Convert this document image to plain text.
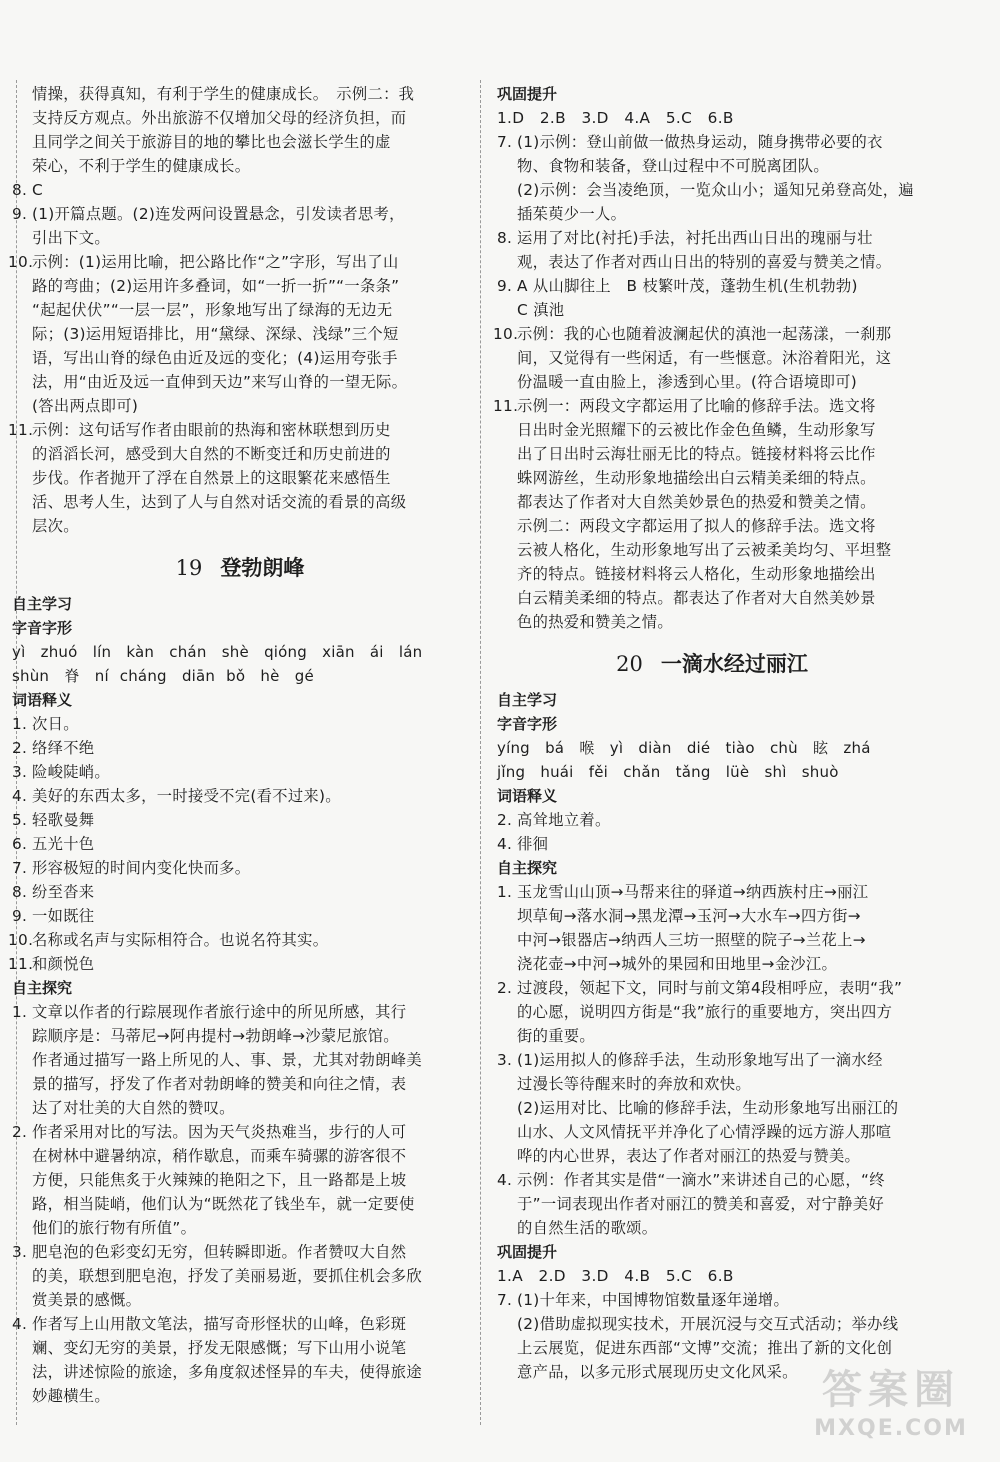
情操，获得真知，有利于学生的健康成长。　示例二：我
支持反方观点。外出旅游不仅增加父母的经济负担，而
且同学之间关于旅游目的地的攀比也会滋长学生的虚
荣心，不利于学生的健康成长。
8. C

9. (1)开篇点题。(2)连发两问设置悬念，引发读者思考，

引出下文。

10.

示例：(1)运用比喻，把公路比作“之”字形，写出了山

路的弯曲；(2)运用许多叠词，如“一折一折”“一条条”

“起起伏伏”“一层一层”，形象地写出了绿海的无边无

际；(3)运用短语排比，用“黛绿、深绿、浅绿”三个短

语，写出山脊的绿色由近及远的变化；(4)运用夸张手

法，用“由近及远一直伸到天边”来写山脊的一望无际。

(答出两点即可)

11.

示例：这句话写作者由眼前的热海和密林联想到历史

的滔滔长河，感受到大自然的不断变迁和历史前进的

步伐。作者抛开了浮在自然景上的这眼繁花来感悟生

活、思考人生，达到了人与自然对话交流的看景的高级

层次。

19 登勃朗峰
自主学习
字音字形
yì　zhuó　lín　kàn　chán　shè　qióng　xiān　ái　lán
shùn　脊　ní cháng　diān bǒ　hè　gé
词语释义
1. 次日。

2. 络绎不绝

3. 险峻陡峭。

4. 美好的东西太多，一时接受不完(看不过来)。

5. 轻歌曼舞

6. 五光十色

7. 形容极短的时间内变化快而多。

8. 纷至沓来

9. 一如既往

10.

名称或名声与实际相符合。也说名符其实。

11.

和颜悦色

自主探究
1. 文章以作者的行踪展现作者旅行途中的所见所感，其行

踪顺序是：马蒂尼→阿冉提村→勃朗峰→沙蒙尼旅馆。

作者通过描写一路上所见的人、事、景，尤其对勃朗峰美

景的描写，抒发了作者对勃朗峰的赞美和向往之情，表

达了对壮美的大自然的赞叹。

2. 作者采用对比的写法。因为天气炎热难当，步行的人可

在树林中避暑纳凉，稍作歇息，而乘车骑骡的游客很不

方便，只能焦炙于火辣辣的艳阳之下，且一路都是上坡

路，相当陡峭，他们认为“既然花了钱坐车，就一定要使

他们的旅行物有所值”。

3. 肥皂泡的色彩变幻无穷，但转瞬即逝。作者赞叹大自然

的美，联想到肥皂泡，抒发了美丽易逝，要抓住机会多欣

赏美景的感慨。

4. 作者写上山用散文笔法，描写奇形怪状的山峰，色彩斑

斓、变幻无穷的美景，抒发无限感慨；写下山用小说笔

法，讲述惊险的旅途，多角度叙述怪异的车夫，使得旅途

妙趣横生。

巩固提升
1.D　2.B　3.D　4.A　5.C　6.B
7. (1)示例：登山前做一做热身运动，随身携带必要的衣

物、食物和装备，登山过程中不可脱离团队。

(2)示例：会当凌绝顶，一览众山小；遥知兄弟登高处，遍

插茱萸少一人。

8. 运用了对比(衬托)手法，衬托出西山日出的瑰丽与壮

观，表达了作者对西山日出的特别的喜爱与赞美之情。

9. A 从山脚往上　B 枝繁叶茂，蓬勃生机(生机勃勃)

C 滇池

10.

示例：我的心也随着波澜起伏的滇池一起荡漾，一刹那

间，又觉得有一些闲适，有一些惬意。沐浴着阳光，这

份温暖一直由脸上，渗透到心里。(符合语境即可)

11.

示例一：两段文字都运用了比喻的修辞手法。选文将

日出时金光照耀下的云被比作金色鱼鳞，生动形象写

出了日出时云海壮丽无比的特点。链接材料将云比作

蛛网游丝，生动形象地描绘出白云精美柔细的特点。

都表达了作者对大自然美妙景色的热爱和赞美之情。

示例二：两段文字都运用了拟人的修辞手法。选文将

云被人格化，生动形象地写出了云被柔美均匀、平坦整

齐的特点。链接材料将云人格化，生动形象地描绘出

白云精美柔细的特点。都表达了作者对大自然美妙景

色的热爱和赞美之情。

20 一滴水经过丽江
自主学习
字音字形
yíng　bá　喉　yì　diàn　dié　tiào　chù　眩　zhá
jǐng　huái　fěi　chǎn　tǎng　lüè　shì　shuò
词语释义
2. 高耸地立着。

4. 徘徊

自主探究
1. 玉龙雪山山顶→马帮来往的驿道→纳西族村庄→丽江

坝草甸→落水洞→黑龙潭→玉河→大水车→四方街→

中河→银器店→纳西人三坊一照壁的院子→兰花上→

浇花壶→中河→城外的果园和田地里→金沙江。

2. 过渡段，领起下文，同时与前文第4段相呼应，表明“我”

的心愿，说明四方街是“我”旅行的重要地方，突出四方

街的重要。

3. (1)运用拟人的修辞手法，生动形象地写出了一滴水经

过漫长等待醒来时的奔放和欢快。

(2)运用对比、比喻的修辞手法，生动形象地写出丽江的

山水、人文风情抚平并净化了心情浮躁的远方游人那喧

哗的内心世界，表达了作者对丽江的热爱与赞美。

4. 示例：作者其实是借“一滴水”来讲述自己的心愿，“终

于”一词表现出作者对丽江的赞美和喜爱，对宁静美好

的自然生活的歌颂。

巩固提升
1.A　2.D　3.D　4.B　5.C　6.B
7. (1)十年来，中国博物馆数量逐年递增。

(2)借助虚拟现实技术，开展沉浸与交互式活动；举办线

上云展览，促进东西部“文博”交流；推出了新的文化创

意产品，以多元形式展现历史文化风采。 答案圈
MXQE.COM
